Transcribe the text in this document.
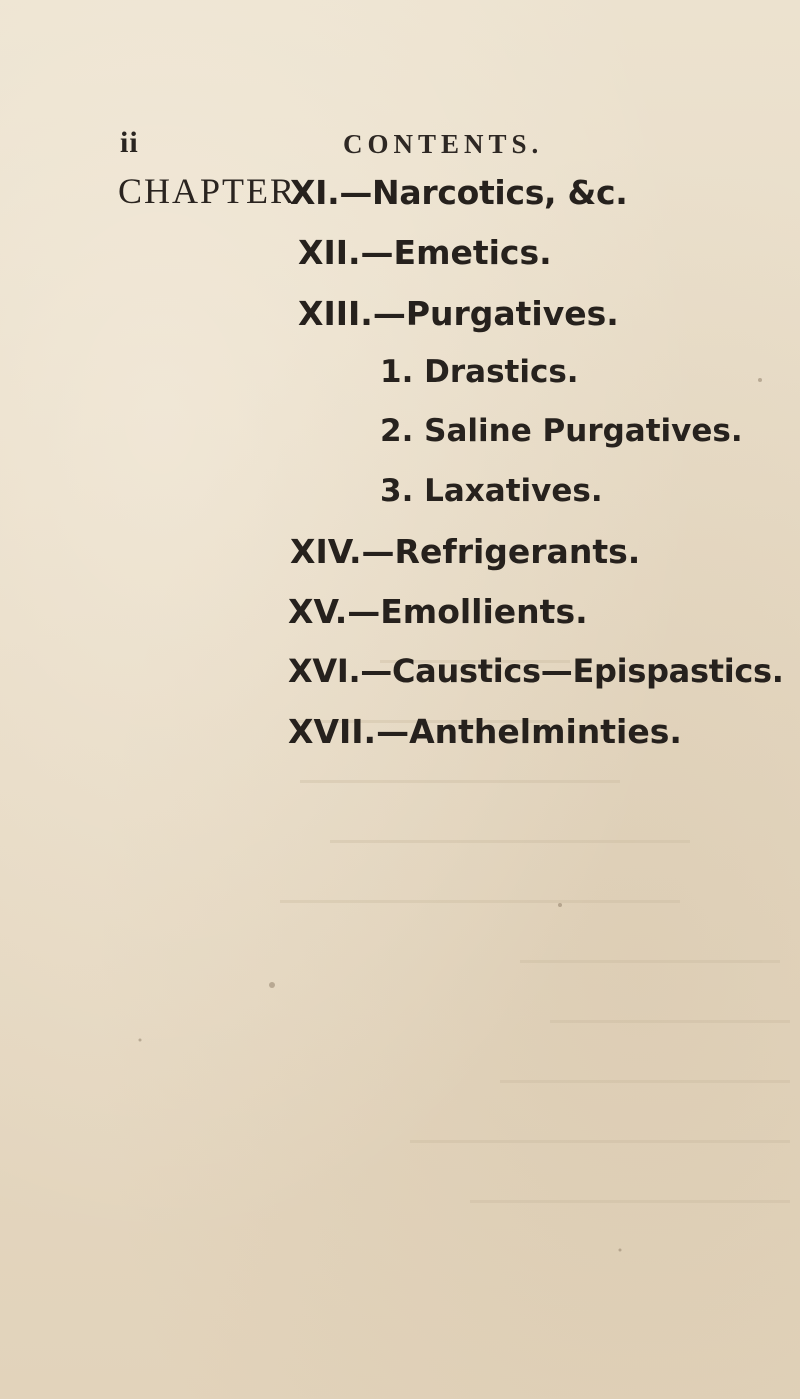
ii	CONTENTS.
CHAPTER
XI.—Narcotics, &c.
XII.—Emetics.
XIII.—Purgatives.
1. Drastics.
2. Saline Purgatives.
3. Laxatives.
XIV.—Refrigerants.
XV.—Emollients.
XVI.—Caustics—Epispastics.
XVII.—Anthelminties.
